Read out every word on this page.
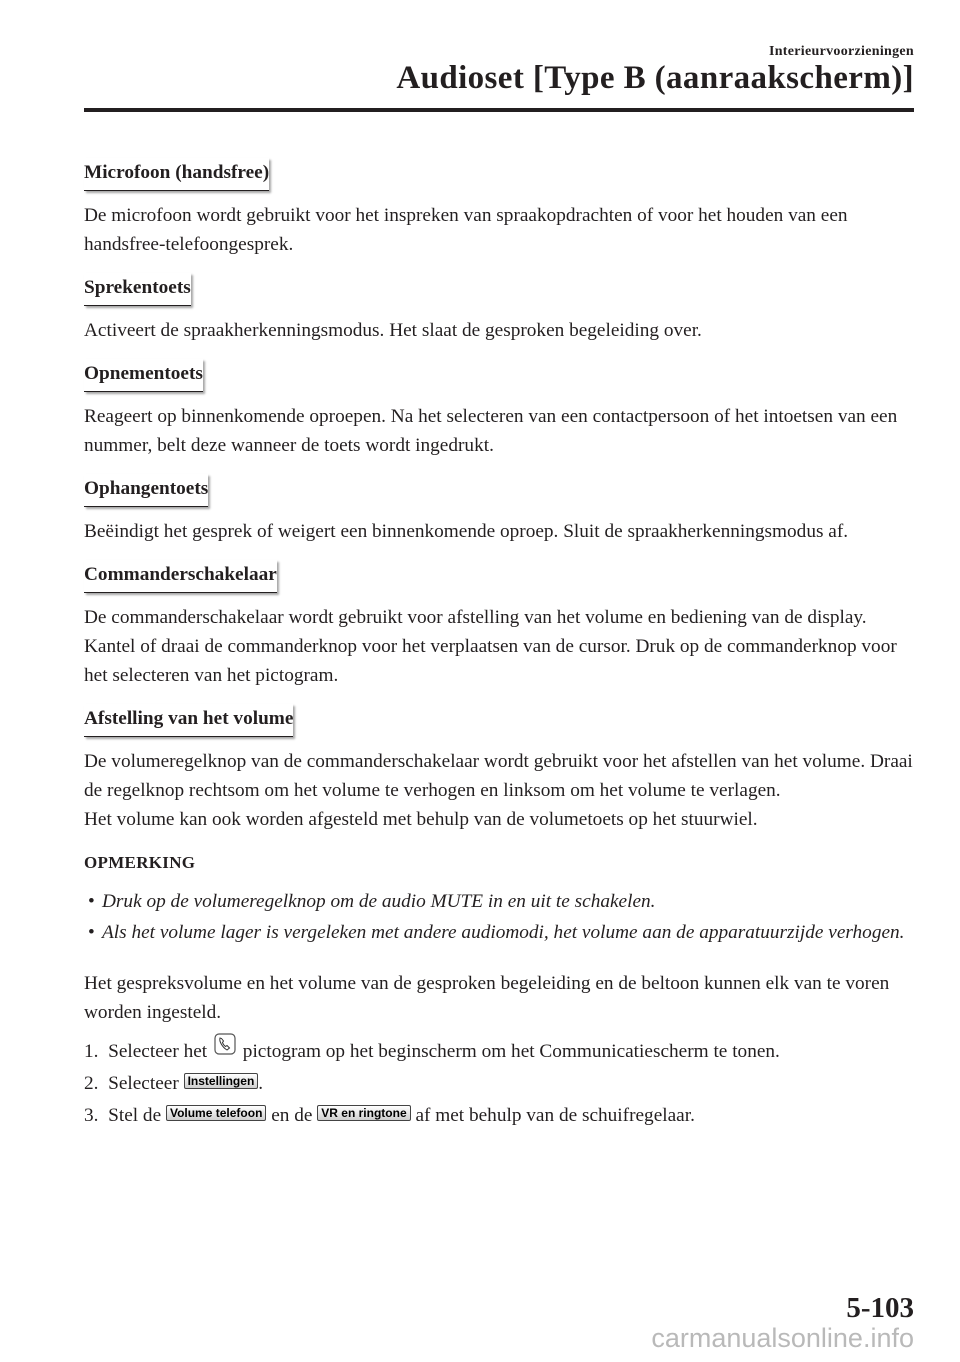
Interieurvoorzieningen
Audioset [Type B (aanraakscherm)]
Microfoon (handsfree)

De microfoon wordt gebruikt voor het inspreken van spraakopdrachten of voor het houden van een handsfree-telefoongesprek.

Sprekentoets

Activeert de spraakherkenningsmodus. Het slaat de gesproken begeleiding over.

Opnementoets

Reageert op binnenkomende oproepen. Na het selecteren van een contactpersoon of het intoetsen van een nummer, belt deze wanneer de toets wordt ingedrukt.

Ophangentoets

Beëindigt het gesprek of weigert een binnenkomende oproep. Sluit de spraakherkenningsmodus af.

Commanderschakelaar

De commanderschakelaar wordt gebruikt voor afstelling van het volume en bediening van de display. Kantel of draai de commanderknop voor het verplaatsen van de cursor. Druk op de commanderknop voor het selecteren van het pictogram.

Afstelling van het volume

De volumeregelknop van de commanderschakelaar wordt gebruikt voor het afstellen van het volume. Draai de regelknop rechtsom om het volume te verhogen en linksom om het volume te verlagen.

Het volume kan ook worden afgesteld met behulp van de volumetoets op het stuurwiel.

OPMERKING

• Druk op de volumeregelknop om de audio MUTE in en uit te schakelen.
• Als het volume lager is vergeleken met andere audiomodi, het volume aan de apparatuurzijde verhogen.

Het gespreksvolume en het volume van de gesproken begeleiding en de beltoon kunnen elk van te voren worden ingesteld.

1. Selecteer het pictogram op het beginscherm om het Communicatiescherm te tonen.
2. Selecteer Instellingen .
3. Stel de Volume telefoon en de VR en ringtone af met behulp van de schuifregelaar.
5-103
carmanualsonline.info
